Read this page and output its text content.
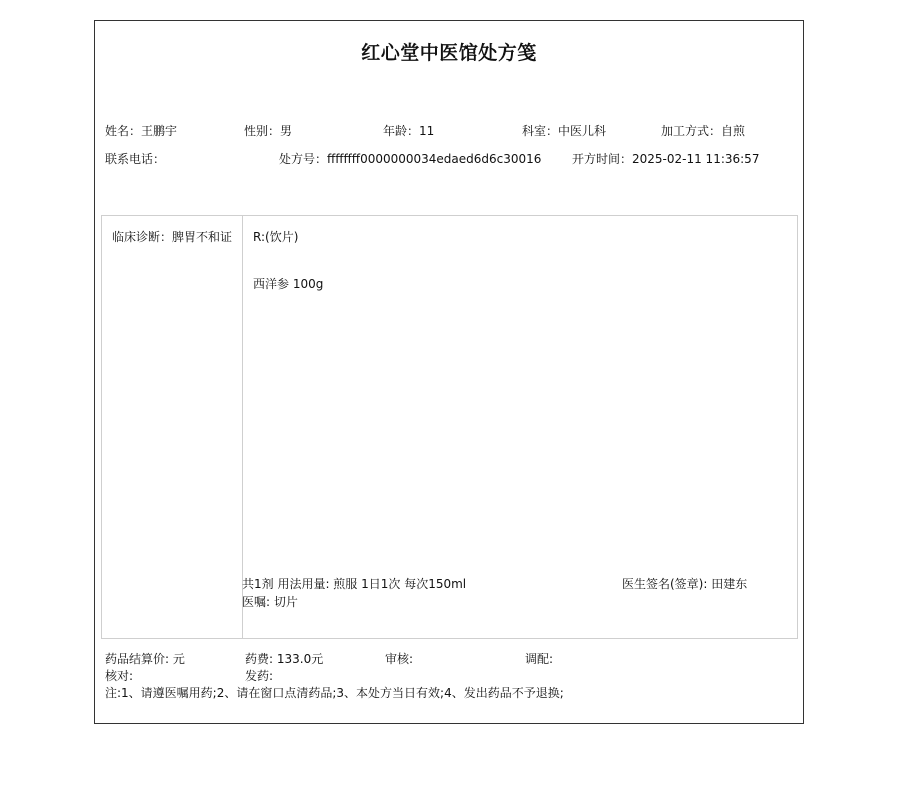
红心堂中医馆处方笺
姓名：王鹏宇	性别：男	年龄：11	科室：中医儿科	加工方式：自煎
联系电话：	处方号：ffffffff0000000034edaed6d6c30016	开方时间：2025-02-11 11:36:57
临床诊断：脾胃不和证	R:(饮片)
西洋参 100g
共1剂 用法用量: 煎服 1日1次 每次150ml
医嘱: 切片
医生签名(签章): 田建东
药品结算价: 元	药费: 133.0元	审核:	调配:
核对:	发药:
注:1、请遵医嘱用药;2、请在窗口点清药品;3、本处方当日有效;4、发出药品不予退换;
